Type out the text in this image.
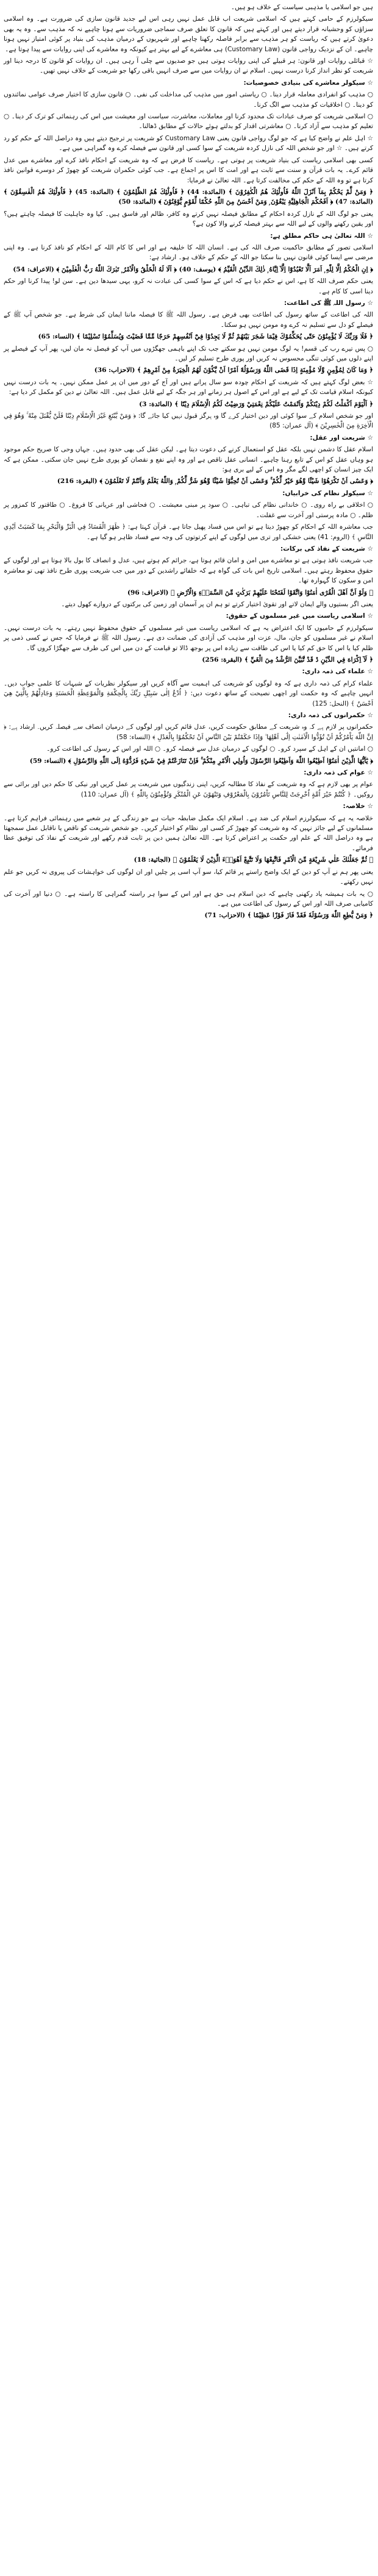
ہیں جو اسلامی یا مذہبی سیاست کے خلاف ہو ہیں۔

سیکولرزم کے حامی کہتے ہیں کہ اسلامی شریعت اب قابل عمل نہیں رہی اس لیے جدید قانون سازی کی ضرورت ہے۔ وہ اسلامی سزاؤں کو وحشیانہ قرار دیتے ہیں اور کہتے ہیں کہ قانون کا تعلق صرف سماجی ضروریات سے ہونا چاہیے نہ کہ مذہب سے۔ وہ یہ بھی دعویٰ کرتے ہیں کہ ریاست کو ہر مذہب سے برابر فاصلہ رکھنا چاہیے اور شہریوں کے درمیان مذہب کی بنیاد پر کوئی امتیاز نہیں ہونا چاہیے۔ ان کے نزدیک رواجی قانون (Customary Law) ہی معاشرے کے لیے بہتر ہے کیونکہ وہ معاشرے کی اپنی روایات سے پیدا ہوتا ہے۔

☆ قبائلی روایات اور قانون: ہر قبیلے کی اپنی روایات ہوتی ہیں جو صدیوں سے چلی آ رہی ہیں۔ ان روایات کو قانون کا درجہ دینا اور شریعت کو نظر انداز کرنا درست نہیں۔ اسلام نے ان روایات میں سے صرف انہیں باقی رکھا جو شریعت کے خلاف نہیں تھیں۔

☆ سیکولر معاشرے کی بنیادی خصوصیات:

○ مذہب کو انفرادی معاملہ قرار دینا۔ ○ ریاستی امور میں مذہب کی مداخلت کی نفی۔ ○ قانون سازی کا اختیار صرف عوامی نمائندوں کو دینا۔ ○ اخلاقیات کو مذہب سے الگ کرنا۔

○ اسلامی شریعت کو صرف عبادات تک محدود کرنا اور معاملات، معاشرت، سیاست اور معیشت میں اس کی رہنمائی کو ترک کر دینا۔ ○ تعلیم کو مذہب سے آزاد کرنا۔ ○ معاشرتی اقدار کو بدلتے ہوئے حالات کے مطابق ڈھالنا۔

☆ اہل علم نے واضح کیا ہے کہ جو لوگ رواجی قانون یعنی Customary Law کو شریعت پر ترجیح دیتے ہیں وہ دراصل اللہ کے حکم کو رد کرتے ہیں۔ ☆ اور جو شخص اللہ کی نازل کردہ شریعت کے سوا کسی اور قانون سے فیصلہ کرے وہ گمراہی میں ہے۔

کسی بھی اسلامی ریاست کی بنیاد شریعت پر ہوتی ہے۔ ریاست کا فرض ہے کہ وہ شریعت کے احکام نافذ کرے اور معاشرے میں عدل قائم کرے۔ یہ بات قرآن و سنت سے ثابت ہے اور امت کا اس پر اجماع ہے۔ جب کوئی حکمران شریعت کو چھوڑ کر دوسرے قوانین نافذ کرتا ہے تو وہ اللہ کے حکم کی مخالفت کرتا ہے۔ اللہ تعالیٰ نے فرمایا:

﴿ وَمَنْ لَّمْ يَحْكُمْ بِمَآ اَنْزَلَ اللّٰهُ فَاُولٰٓئِكَ هُمُ الْكٰفِرُوْنَ ﴾ (المائدة: 44) ﴿ فَاُولٰٓئِكَ هُمُ الظّٰلِمُوْنَ ﴾ (المائدة: 45) ﴿ فَاُولٰٓئِكَ هُمُ الْفٰسِقُوْنَ ﴾ (المائدة: 47) ﴿ اَفَحُكْمَ الْجَاهِلِيَّةِ يَبْغُوْنَ ۭ وَمَنْ اَحْسَنُ مِنَ اللّٰهِ حُكْمًا لِّقَوْمٍ يُّوْقِنُوْنَ ﴾ (المائدة: 50)

یعنی جو لوگ اللہ کے نازل کردہ احکام کے مطابق فیصلہ نہیں کرتے وہ کافر، ظالم اور فاسق ہیں۔ کیا وہ جاہلیت کا فیصلہ چاہتے ہیں؟ اور یقین رکھنے والوں کے لیے اللہ سے بہتر فیصلہ کرنے والا کون ہے؟

☆ اللہ تعالیٰ ہی حاکم مطلق ہے:

اسلامی تصور کے مطابق حاکمیت صرف اللہ کی ہے۔ انسان اللہ کا خلیفہ ہے اور اس کا کام اللہ کے احکام کو نافذ کرنا ہے۔ وہ اپنی مرضی سے ایسا کوئی قانون نہیں بنا سکتا جو اللہ کے حکم کے خلاف ہو۔ ارشاد ہے:

﴿ اِنِ الْحُكْمُ اِلَّا لِلّٰهِ ۭ اَمَرَ اَلَّا تَعْبُدُوْٓا اِلَّآ اِيَّاهُ ۭ ذٰلِكَ الدِّيْنُ الْقَيِّمُ ﴾ (یوسف: 40) ﴿ اَلَا لَهُ الْخَلْقُ وَالْاَمْرُ ۭ تَبٰرَكَ اللّٰهُ رَبُّ الْعٰلَمِيْنَ ﴾ (الاعراف: 54)

یعنی حکم صرف اللہ کا ہے، اس نے حکم دیا ہے کہ اس کے سوا کسی کی عبادت نہ کرو، یہی سیدھا دین ہے۔ سن لو! پیدا کرنا اور حکم دینا اسی کا کام ہے۔

☆ رسول اللہ ﷺ کی اطاعت:

اللہ کی اطاعت کے ساتھ رسول کی اطاعت بھی فرض ہے۔ رسول اللہ ﷺ کا فیصلہ ماننا ایمان کی شرط ہے۔ جو شخص آپ ﷺ کے فیصلے کو دل سے تسلیم نہ کرے وہ مومن نہیں ہو سکتا۔

﴿ فَلَا وَرَبِّكَ لَا يُؤْمِنُوْنَ حَتّٰى يُحَكِّمُوْكَ فِيْمَا شَجَرَ بَيْنَهُمْ ثُمَّ لَا يَجِدُوْا فِيْٓ اَنْفُسِهِمْ حَرَجًا مِّمَّا قَضَيْتَ وَيُسَلِّمُوْا تَسْلِيْمًا ﴾ (النساء: 65)

○ پس تیرے رب کی قسم! یہ لوگ مومن نہیں ہو سکتے جب تک اپنے باہمی جھگڑوں میں آپ کو فیصل نہ مان لیں، پھر آپ کے فیصلے پر اپنے دلوں میں کوئی تنگی محسوس نہ کریں اور پوری طرح تسلیم کر لیں۔

﴿ وَمَا كَانَ لِمُؤْمِنٍ وَّلَا مُؤْمِنَةٍ اِذَا قَضَى اللّٰهُ وَرَسُوْلُهٗٓ اَمْرًا اَنْ يَّكُوْنَ لَهُمُ الْخِيَرَةُ مِنْ اَمْرِهِمْ ﴾ (الاحزاب: 36)

☆ بعض لوگ کہتے ہیں کہ شریعت کے احکام چودہ سو سال پرانے ہیں اور آج کے دور میں ان پر عمل ممکن نہیں۔ یہ بات درست نہیں کیونکہ اسلام قیامت تک کے لیے ہے اور اس کے اصول ہر زمانے اور ہر جگہ کے لیے قابل عمل ہیں۔ اللہ تعالیٰ نے دین کو مکمل کر دیا ہے:

﴿ اَلْيَوْمَ اَكْمَلْتُ لَكُمْ دِيْنَكُمْ وَاَتْمَمْتُ عَلَيْكُمْ نِعْمَتِيْ وَرَضِيْتُ لَكُمُ الْاِسْلَامَ دِيْنًا ﴾ (المائدة: 3)

اور جو شخص اسلام کے سوا کوئی اور دین اختیار کرے گا وہ ہرگز قبول نہیں کیا جائے گا: ﴿ وَمَنْ يَّبْتَغِ غَيْرَ الْاِسْلَامِ دِيْنًا فَلَنْ يُّقْبَلَ مِنْهُ ۚ وَهُوَ فِي الْاٰخِرَةِ مِنَ الْخٰسِرِيْنَ ﴾ (آل عمران: 85)

☆ شریعت اور عقل:

اسلام عقل کا دشمن نہیں بلکہ عقل کو استعمال کرنے کی دعوت دیتا ہے۔ لیکن عقل کی بھی حدود ہیں۔ جہاں وحی کا صریح حکم موجود ہو وہاں عقل کو اس کے تابع رہنا چاہیے۔ انسانی عقل ناقص ہے اور وہ اپنے نفع و نقصان کو پوری طرح نہیں جان سکتی۔ ممکن ہے کہ ایک چیز انسان کو اچھی لگے مگر وہ اس کے لیے بری ہو:

﴿ وَعَسٰٓى اَنْ تَكْرَهُوْا شَيْئًا وَّهُوَ خَيْرٌ لَّكُمْ ۚ وَعَسٰٓى اَنْ تُحِبُّوْا شَيْئًا وَّهُوَ شَرٌّ لَّكُمْ ۭ وَاللّٰهُ يَعْلَمُ وَاَنْتُمْ لَا تَعْلَمُوْنَ ﴾ (البقرة: 216)

☆ سیکولر نظام کی خرابیاں:

○ اخلاقی بے راہ روی۔ ○ خاندانی نظام کی تباہی۔ ○ سود پر مبنی معیشت۔ ○ فحاشی اور عریانی کا فروغ۔ ○ طاقتور کا کمزور پر ظلم۔ ○ مادہ پرستی اور آخرت سے غفلت۔

جب معاشرہ اللہ کے احکام کو چھوڑ دیتا ہے تو اس میں فساد پھیل جاتا ہے۔ قرآن کہتا ہے: ﴿ ظَهَرَ الْفَسَادُ فِي الْبَرِّ وَالْبَحْرِ بِمَا كَسَبَتْ اَيْدِي النَّاسِ ﴾ (الروم: 41) یعنی خشکی اور تری میں لوگوں کے اپنے کرتوتوں کی وجہ سے فساد ظاہر ہو گیا ہے۔

☆ شریعت کے نفاذ کی برکات:

جب شریعت نافذ ہوتی ہے تو معاشرے میں امن و امان قائم ہوتا ہے، جرائم کم ہوتے ہیں، عدل و انصاف کا بول بالا ہوتا ہے اور لوگوں کے حقوق محفوظ رہتے ہیں۔ اسلامی تاریخ اس بات کی گواہ ہے کہ خلفائے راشدین کے دور میں جب شریعت پوری طرح نافذ تھی تو معاشرہ امن و سکون کا گہوارہ تھا۔

﴿ وَلَوْ اَنَّ اَهْلَ الْقُرٰٓى اٰمَنُوْا وَاتَّقَوْا لَفَتَحْنَا عَلَيْهِمْ بَرَكٰتٍ مِّنَ السَّمَاۗءِ وَالْاَرْضِ ﴾ (الاعراف: 96)

یعنی اگر بستیوں والے ایمان لاتے اور تقویٰ اختیار کرتے تو ہم ان پر آسمان اور زمین کی برکتوں کے دروازے کھول دیتے۔

☆ اسلامی ریاست میں غیر مسلموں کے حقوق:

سیکولرزم کے حامیوں کا ایک اعتراض یہ ہے کہ اسلامی ریاست میں غیر مسلموں کے حقوق محفوظ نہیں رہتے۔ یہ بات درست نہیں۔ اسلام نے غیر مسلموں کو جان، مال، عزت اور مذہب کی آزادی کی ضمانت دی ہے۔ رسول اللہ ﷺ نے فرمایا کہ جس نے کسی ذمی پر ظلم کیا یا اس کا حق کم کیا یا اس کی طاقت سے زیادہ اس پر بوجھ ڈالا تو قیامت کے دن میں اس کی طرف سے جھگڑا کروں گا۔

﴿ لَآ اِكْرَاهَ فِي الدِّيْنِ ڐ قَدْ تَّبَيَّنَ الرُّشْدُ مِنَ الْغَيِّ ﴾ (البقرة: 256)

☆ علماء کی ذمہ داری:

علماء کرام کی ذمہ داری ہے کہ وہ لوگوں کو شریعت کی اہمیت سے آگاہ کریں اور سیکولر نظریات کے شبہات کا علمی جواب دیں۔ انہیں چاہیے کہ وہ حکمت اور اچھی نصیحت کے ساتھ دعوت دیں: ﴿ اُدْعُ اِلٰى سَبِيْلِ رَبِّكَ بِالْحِكْمَةِ وَالْمَوْعِظَةِ الْحَسَنَةِ وَجَادِلْهُمْ بِالَّتِيْ هِيَ اَحْسَنُ ﴾ (النحل: 125)

☆ حکمرانوں کی ذمہ داری:

حکمرانوں پر لازم ہے کہ وہ شریعت کے مطابق حکومت کریں، عدل قائم کریں اور لوگوں کے درمیان انصاف سے فیصلہ کریں۔ ارشاد ہے: ﴿ اِنَّ اللّٰهَ يَاْمُرُكُمْ اَنْ تُؤَدُّوا الْاَمٰنٰتِ اِلٰٓى اَهْلِهَا ۙ وَاِذَا حَكَمْتُمْ بَيْنَ النَّاسِ اَنْ تَحْكُمُوْا بِالْعَدْلِ ﴾ (النساء: 58)

○ امانتیں ان کے اہل کے سپرد کرو۔ ○ لوگوں کے درمیان عدل سے فیصلہ کرو۔ ○ اللہ اور اس کے رسول کی اطاعت کرو۔

﴿ يٰٓاَيُّهَا الَّذِيْنَ اٰمَنُوْٓا اَطِيْعُوا اللّٰهَ وَاَطِيْعُوا الرَّسُوْلَ وَاُولِي الْاَمْرِ مِنْكُمْ ۚ فَاِنْ تَنَازَعْتُمْ فِيْ شَيْءٍ فَرُدُّوْهُ اِلَى اللّٰهِ وَالرَّسُوْلِ ﴾ (النساء: 59)

☆ عوام کی ذمہ داری:

عوام پر بھی لازم ہے کہ وہ شریعت کے نفاذ کا مطالبہ کریں، اپنی زندگیوں میں شریعت پر عمل کریں اور نیکی کا حکم دیں اور برائی سے روکیں۔ ﴿ كُنْتُمْ خَيْرَ اُمَّةٍ اُخْرِجَتْ لِلنَّاسِ تَاْمُرُوْنَ بِالْمَعْرُوْفِ وَتَنْهَوْنَ عَنِ الْمُنْكَرِ وَتُؤْمِنُوْنَ بِاللّٰهِ ﴾ (آل عمران: 110)

☆ خلاصہ:

خلاصہ یہ ہے کہ سیکولرزم اسلام کی ضد ہے۔ اسلام ایک مکمل ضابطہ حیات ہے جو زندگی کے ہر شعبے میں رہنمائی فراہم کرتا ہے۔ مسلمانوں کے لیے جائز نہیں کہ وہ شریعت کو چھوڑ کر کسی اور نظام کو اختیار کریں۔ جو شخص شریعت کو ناقص یا ناقابل عمل سمجھتا ہے وہ دراصل اللہ کے علم اور حکمت پر اعتراض کرتا ہے۔ اللہ تعالیٰ ہمیں دین پر ثابت قدم رکھے اور شریعت کے نفاذ کی توفیق عطا فرمائے۔

﴿ ثُمَّ جَعَلْنٰكَ عَلٰي شَرِيْعَةٍ مِّنَ الْاَمْرِ فَاتَّبِعْهَا وَلَا تَتَّبِعْ اَهْوَاۗءَ الَّذِيْنَ لَا يَعْلَمُوْنَ ﴾ (الجاثیة: 18)

یعنی پھر ہم نے آپ کو دین کے ایک واضح راستے پر قائم کیا، سو آپ اسی پر چلیں اور ان لوگوں کی خواہشات کی پیروی نہ کریں جو علم نہیں رکھتے۔

○ یہ بات ہمیشہ یاد رکھنی چاہیے کہ دین اسلام ہی حق ہے اور اس کے سوا ہر راستہ گمراہی کا راستہ ہے۔ ○ دنیا اور آخرت کی کامیابی صرف اللہ اور اس کے رسول کی اطاعت میں ہے۔

﴿ وَمَنْ يُّطِعِ اللّٰهَ وَرَسُوْلَهٗ فَقَدْ فَازَ فَوْزًا عَظِيْمًا ﴾ (الاحزاب: 71)
